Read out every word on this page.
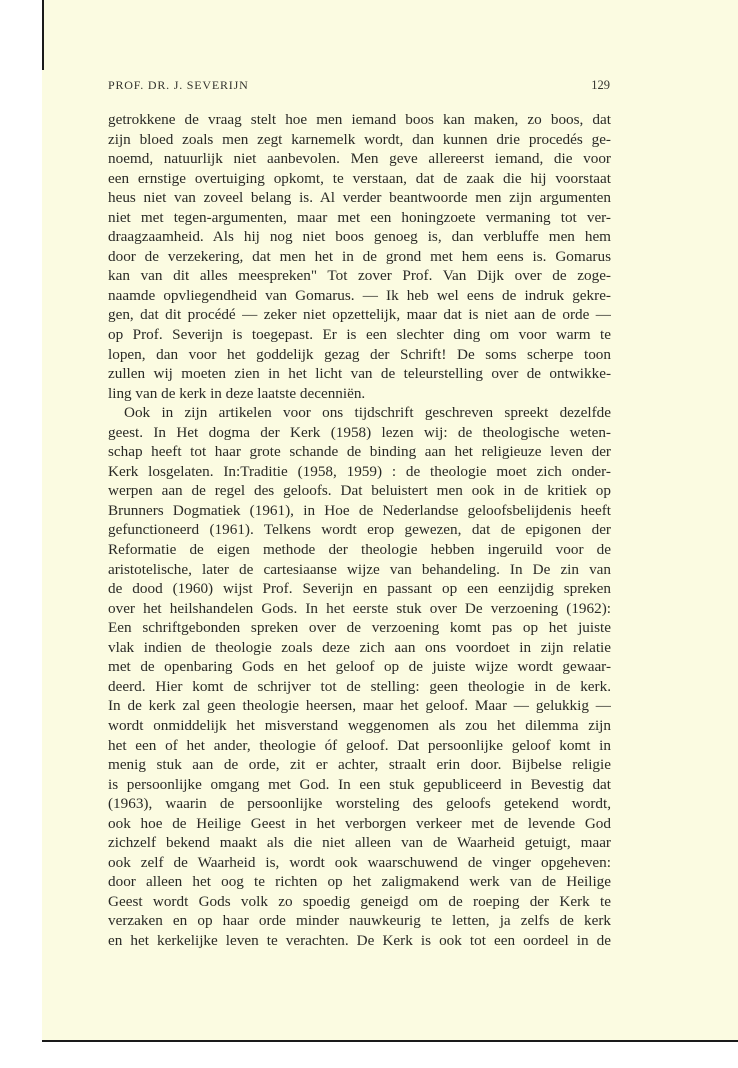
PROF. DR. J. SEVERIJN	129
getrokkene de vraag stelt hoe men iemand boos kan maken, zo boos, dat
zijn bloed zoals men zegt karnemelk wordt, dan kunnen drie procedés ge-
noemd, natuurlijk niet aanbevolen. Men geve allereerst iemand, die voor
een ernstige overtuiging opkomt, te verstaan, dat de zaak die hij voorstaat
heus niet van zoveel belang is. Al verder beantwoorde men zijn argumenten
niet met tegen-argumenten, maar met een honingzoete vermaning tot ver-
draagzaamheid. Als hij nog niet boos genoeg is, dan verbluffe men hem
door de verzekering, dat men het in de grond met hem eens is. Gomarus
kan van dit alles meespreken" Tot zover Prof. Van Dijk over de zoge-
naamde opvliegendheid van Gomarus. — Ik heb wel eens de indruk gekre-
gen, dat dit procédé — zeker niet opzettelijk, maar dat is niet aan de orde —
op Prof. Severijn is toegepast. Er is een slechter ding om voor warm te
lopen, dan voor het goddelijk gezag der Schrift! De soms scherpe toon
zullen wij moeten zien in het licht van de teleurstelling over de ontwikke-
ling van de kerk in deze laatste decenniën.
Ook in zijn artikelen voor ons tijdschrift geschreven spreekt dezelfde
geest. In Het dogma der Kerk (1958) lezen wij: de theologische weten-
schap heeft tot haar grote schande de binding aan het religieuze leven der
Kerk losgelaten. In:Traditie (1958, 1959) : de theologie moet zich onder-
werpen aan de regel des geloofs. Dat beluistert men ook in de kritiek op
Brunners Dogmatiek (1961), in Hoe de Nederlandse geloofsbelijdenis heeft
gefunctioneerd (1961). Telkens wordt erop gewezen, dat de epigonen der
Reformatie de eigen methode der theologie hebben ingeruild voor de
aristotelische, later de cartesiaanse wijze van behandeling. In De zin van
de dood (1960) wijst Prof. Severijn en passant op een eenzijdig spreken
over het heilshandelen Gods. In het eerste stuk over De verzoening (1962):
Een schriftgebonden spreken over de verzoening komt pas op het juiste
vlak indien de theologie zoals deze zich aan ons voordoet in zijn relatie
met de openbaring Gods en het geloof op de juiste wijze wordt gewaar-
deerd. Hier komt de schrijver tot de stelling: geen theologie in de kerk.
In de kerk zal geen theologie heersen, maar het geloof. Maar — gelukkig —
wordt onmiddelijk het misverstand weggenomen als zou het dilemma zijn
het een of het ander, theologie óf geloof. Dat persoonlijke geloof komt in
menig stuk aan de orde, zit er achter, straalt erin door. Bijbelse religie
is persoonlijke omgang met God. In een stuk gepubliceerd in Bevestig dat
(1963), waarin de persoonlijke worsteling des geloofs getekend wordt,
ook hoe de Heilige Geest in het verborgen verkeer met de levende God
zichzelf bekend maakt als die niet alleen van de Waarheid getuigt, maar
ook zelf de Waarheid is, wordt ook waarschuwend de vinger opgeheven:
door alleen het oog te richten op het zaligmakend werk van de Heilige
Geest wordt Gods volk zo spoedig geneigd om de roeping der Kerk te
verzaken en op haar orde minder nauwkeurig te letten, ja zelfs de kerk
en het kerkelijke leven te verachten. De Kerk is ook tot een oordeel in de
